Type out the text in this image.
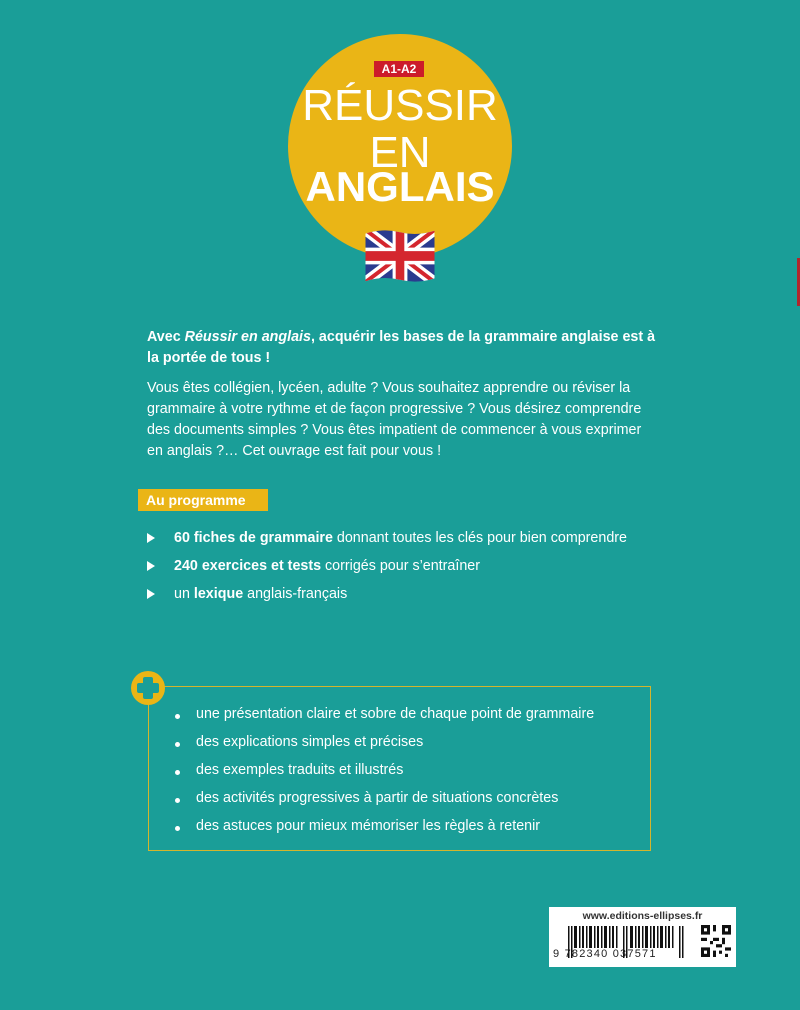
A1-A2
RÉUSSIR
EN
ANGLAIS
Avec Réussir en anglais, acquérir les bases de la grammaire anglaise est à la portée de tous !
Vous êtes collégien, lycéen, adulte ? Vous souhaitez apprendre ou réviser la grammaire à votre rythme et de façon progressive ? Vous désirez comprendre des documents simples ? Vous êtes impatient de commencer à vous exprimer en anglais ?… Cet ouvrage est fait pour vous !
Au programme
60 fiches de grammaire donnant toutes les clés pour bien comprendre
240 exercices et tests corrigés pour s’entraîner
un lexique anglais-français
une présentation claire et sobre de chaque point de grammaire
des explications simples et précises
des exemples traduits et illustrés
des activités progressives à partir de situations concrètes
des astuces pour mieux mémoriser les règles à retenir
www.editions-ellipses.fr
9 782340 037571
